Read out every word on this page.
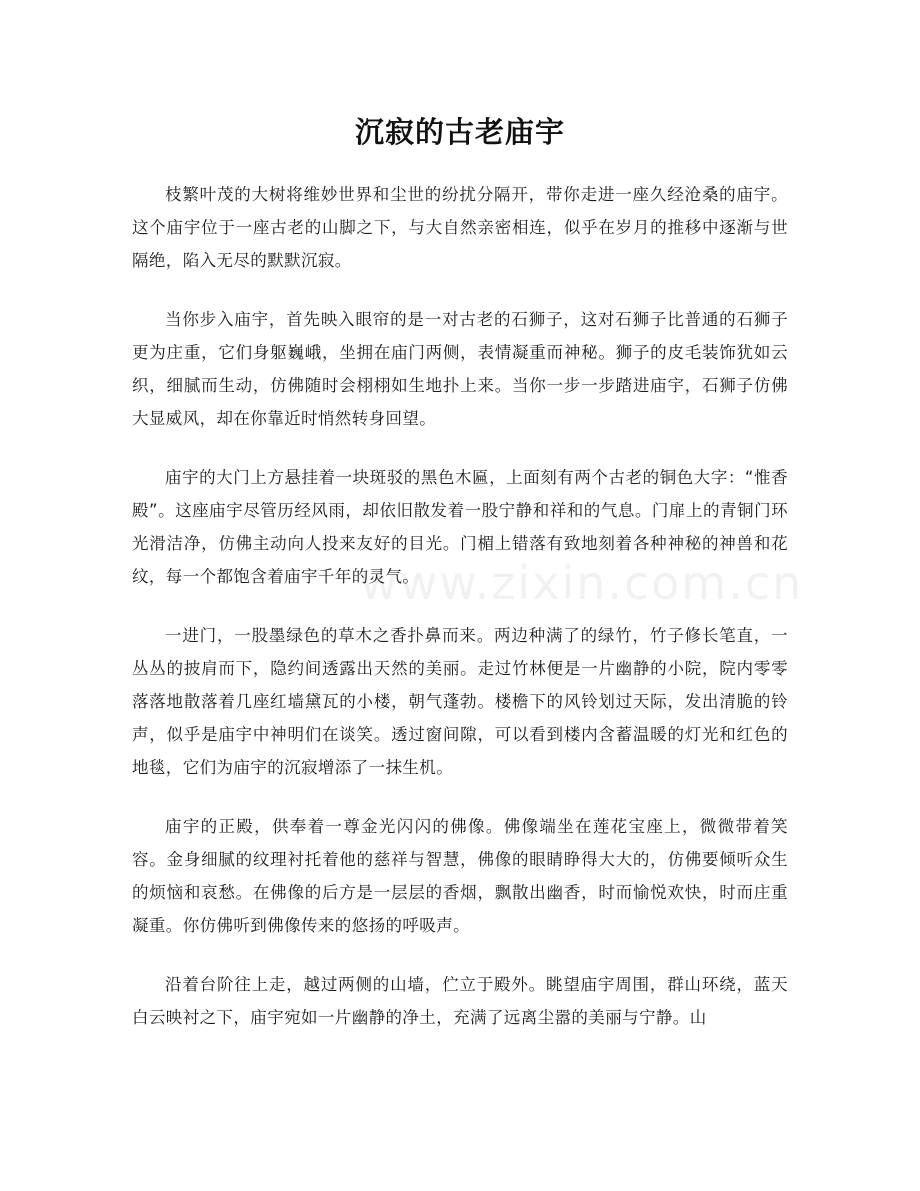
沉寂的古老庙宇
www.zixin.com.cn

枝繁叶茂的大树将维妙世界和尘世的纷扰分隔开，带你走进一座久经沧桑的庙宇。这个庙宇位于一座古老的山脚之下，与大自然亲密相连，似乎在岁月的推移中逐渐与世隔绝，陷入无尽的默默沉寂。

当你步入庙宇，首先映入眼帘的是一对古老的石狮子，这对石狮子比普通的石狮子更为庄重，它们身躯巍峨，坐拥在庙门两侧，表情凝重而神秘。狮子的皮毛装饰犹如云织，细腻而生动，仿佛随时会栩栩如生地扑上来。当你一步一步踏进庙宇，石狮子仿佛大显威风，却在你靠近时悄然转身回望。

庙宇的大门上方悬挂着一块斑驳的黑色木匾，上面刻有两个古老的铜色大字：“惟香殿”。这座庙宇尽管历经风雨，却依旧散发着一股宁静和祥和的气息。门扉上的青铜门环光滑洁净，仿佛主动向人投来友好的目光。门楣上错落有致地刻着各种神秘的神兽和花纹，每一个都饱含着庙宇千年的灵气。

一进门，一股墨绿色的草木之香扑鼻而来。两边种满了的绿竹，竹子修长笔直，一丛丛的披肩而下，隐约间透露出天然的美丽。走过竹林便是一片幽静的小院，院内零零落落地散落着几座红墙黛瓦的小楼，朝气蓬勃。楼檐下的风铃划过天际，发出清脆的铃声，似乎是庙宇中神明们在谈笑。透过窗间隙，可以看到楼内含蓄温暖的灯光和红色的地毯，它们为庙宇的沉寂增添了一抹生机。

庙宇的正殿，供奉着一尊金光闪闪的佛像。佛像端坐在莲花宝座上，微微带着笑容。金身细腻的纹理衬托着他的慈祥与智慧，佛像的眼睛睁得大大的，仿佛要倾听众生的烦恼和哀愁。在佛像的后方是一层层的香烟，飘散出幽香，时而愉悦欢快，时而庄重凝重。你仿佛听到佛像传来的悠扬的呼吸声。

沿着台阶往上走，越过两侧的山墙，伫立于殿外。眺望庙宇周围，群山环绕，蓝天白云映衬之下，庙宇宛如一片幽静的净土，充满了远离尘嚣的美丽与宁静。山
